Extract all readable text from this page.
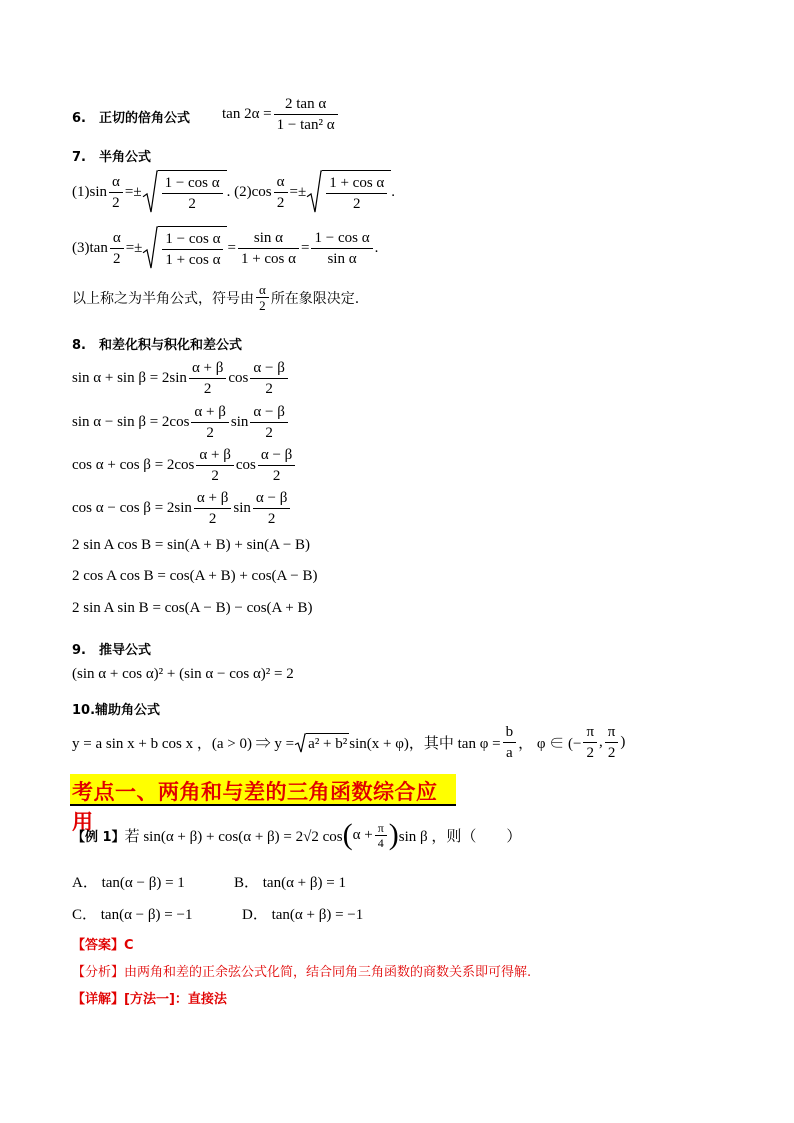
6.　正切的倍角公式 $\tan 2\alpha = \frac{\text{2 tan α}}{\text{1 − tan² α}}$
7.　半角公式
$(1)\sin \frac{\alpha}{2} =\pm \frac{\text{1 − cos α}}{2}$ . $(2)\cos \frac{\alpha}{2} =\pm \frac{\text{1 + cos α}}{2}$ .
$(3)\tan \frac{\alpha}{2} =\pm \frac{\text{1 − cos α}}{\text{1 + cos α}} = \frac{\text{sin α}}{\text{1 + cos α}} = \frac{\text{1 − cos α}}{\text{sin α}}$ .
以上称之为半角公式，符号由 $\frac{\alpha}{2}$ 所在象限决定.
8.　和差化积与积化和差公式
$\sin \alpha + \sin \beta = 2\sin \frac{\alpha + \beta}{2}$ $\cos \frac{\alpha - \beta}{2}$
$\sin \alpha - \sin \beta = 2\cos \frac{\alpha + \beta}{2}$ $\sin \frac{\alpha - \beta}{2}$
$\cos \alpha + \cos \beta = 2\cos \frac{\alpha + \beta}{2}$ $\cos \frac{\alpha - \beta}{2}$
$\cos \alpha - \cos \beta = 2\sin \frac{\alpha + \beta}{2}$ $\sin \frac{\alpha - \beta}{2}$
2 sin A cos B = sin(A + B) + sin(A − B)
2 cos A cos B = cos(A + B) + cos(A − B)
2 sin A sin B = cos(A − B) − cos(A + B)
9.　推导公式
(sin α + cos α)² + (sin α − cos α)² = 2
10.辅助角公式
y = a sin x + b cos x ，(a > 0) ⇒ y = a² + b² sin(x + φ)，其中 $\tan \varphi = \frac{b}{a}$ ， φ ∈ (− $\frac{\pi}{2}$ , $\frac{\pi}{2}$ )
考点一、两角和与差的三角函数综合应用
【例 1】 若 sin(α + β) + cos(α + β) = 2√2 cos ( $\alpha + \frac{\pi}{4}$ ) sin β ，则（　　）
A． tan(α − β) = 1	B． tan(α + β) = 1
C． tan(α − β) = −1	D． tan(α + β) = −1
【答案】C
【分析】由两角和差的正余弦公式化简，结合同角三角函数的商数关系即可得解.
【详解】[方法一]：直接法
